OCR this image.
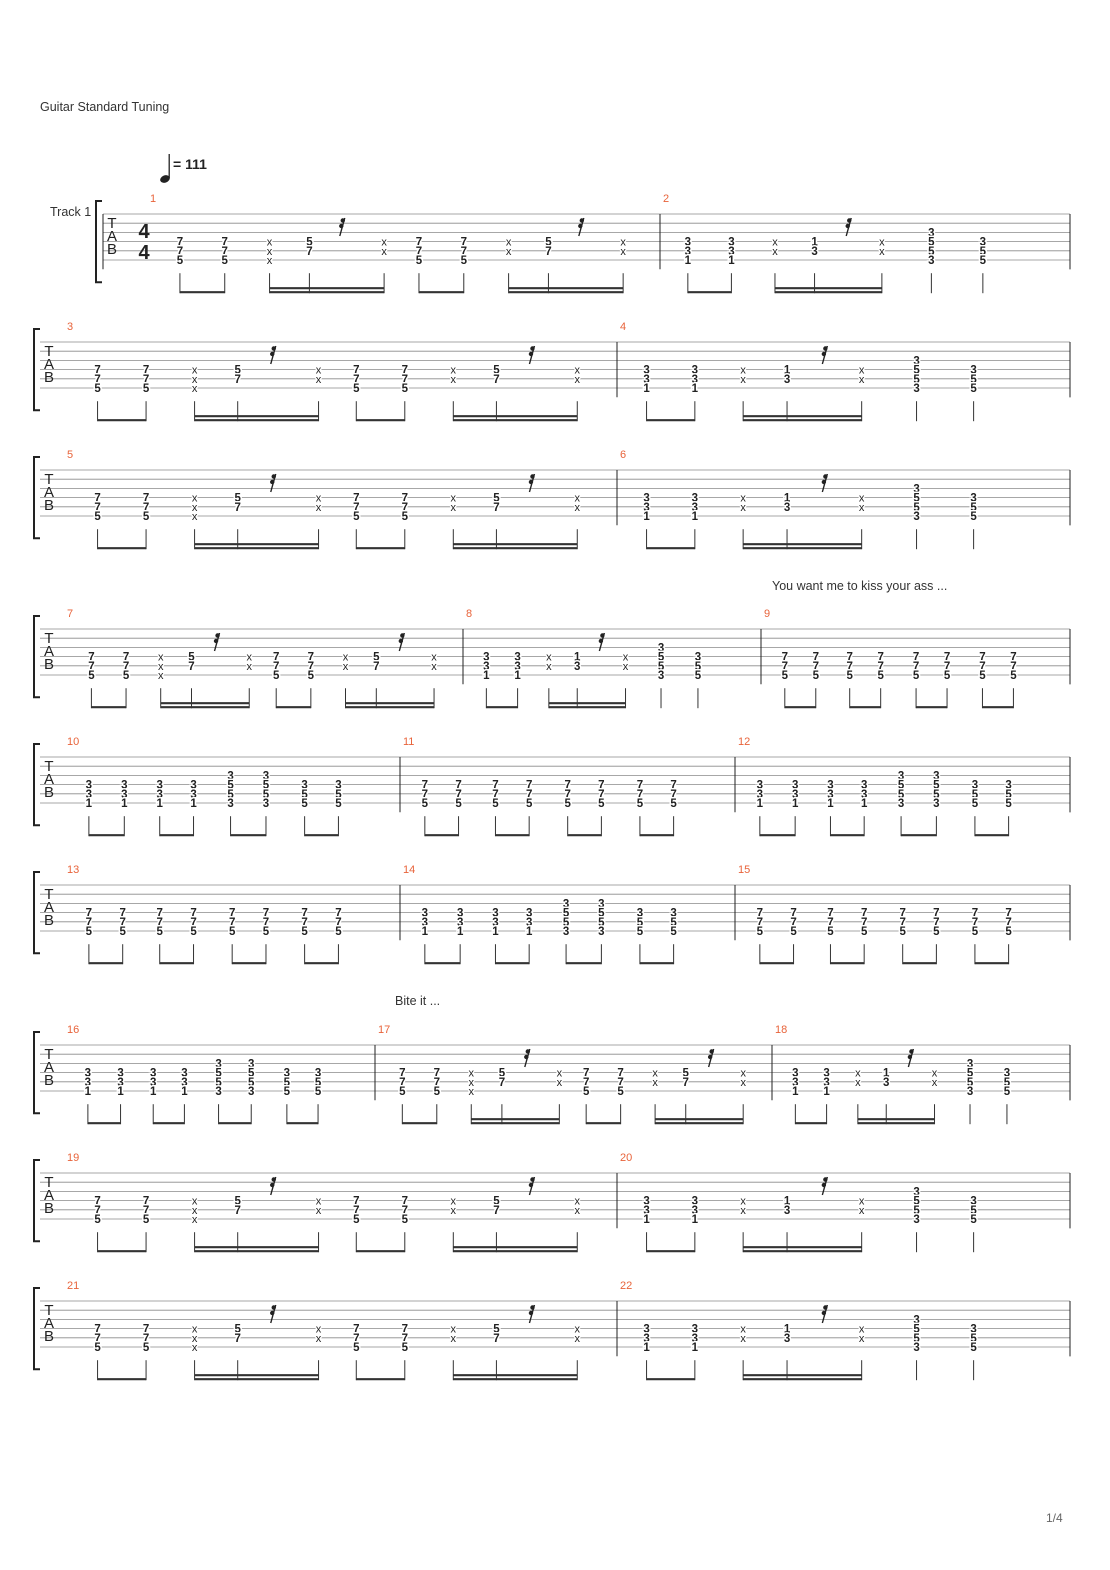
Guitar Standard Tuning
= 111
Track 1
You want me to kiss your ass ...
Bite it ...
T
A
B
4
4
1
7
7
5
7
7
5
x
x
x
5
7
x
x
7
7
5
7
7
5
x
x
5
7
x
x
2
3
3
1
3
3
1
x
x
1
3
x
x
3
5
5
3
3
5
5
T
A
B
3
7
7
5
7
7
5
x
x
x
5
7
x
x
7
7
5
7
7
5
x
x
5
7
x
x
4
3
3
1
3
3
1
x
x
1
3
x
x
3
5
5
3
3
5
5
T
A
B
5
7
7
5
7
7
5
x
x
x
5
7
x
x
7
7
5
7
7
5
x
x
5
7
x
x
6
3
3
1
3
3
1
x
x
1
3
x
x
3
5
5
3
3
5
5
T
A
B
7
7
7
5
7
7
5
x
x
x
5
7
x
x
7
7
5
7
7
5
x
x
5
7
x
x
8
3
3
1
3
3
1
x
x
1
3
x
x
3
5
5
3
3
5
5
9
7
7
5
7
7
5
7
7
5
7
7
5
7
7
5
7
7
5
7
7
5
7
7
5
T
A
B
10
3
3
1
3
3
1
3
3
1
3
3
1
3
5
5
3
3
5
5
3
3
5
5
3
5
5
11
7
7
5
7
7
5
7
7
5
7
7
5
7
7
5
7
7
5
7
7
5
7
7
5
12
3
3
1
3
3
1
3
3
1
3
3
1
3
5
5
3
3
5
5
3
3
5
5
3
5
5
T
A
B
13
7
7
5
7
7
5
7
7
5
7
7
5
7
7
5
7
7
5
7
7
5
7
7
5
14
3
3
1
3
3
1
3
3
1
3
3
1
3
5
5
3
3
5
5
3
3
5
5
3
5
5
15
7
7
5
7
7
5
7
7
5
7
7
5
7
7
5
7
7
5
7
7
5
7
7
5
T
A
B
16
3
3
1
3
3
1
3
3
1
3
3
1
3
5
5
3
3
5
5
3
3
5
5
3
5
5
17
7
7
5
7
7
5
x
x
x
5
7
x
x
7
7
5
7
7
5
x
x
5
7
x
x
18
3
3
1
3
3
1
x
x
1
3
x
x
3
5
5
3
3
5
5
T
A
B
19
7
7
5
7
7
5
x
x
x
5
7
x
x
7
7
5
7
7
5
x
x
5
7
x
x
20
3
3
1
3
3
1
x
x
1
3
x
x
3
5
5
3
3
5
5
T
A
B
21
7
7
5
7
7
5
x
x
x
5
7
x
x
7
7
5
7
7
5
x
x
5
7
x
x
22
3
3
1
3
3
1
x
x
1
3
x
x
3
5
5
3
3
5
5
1/4
